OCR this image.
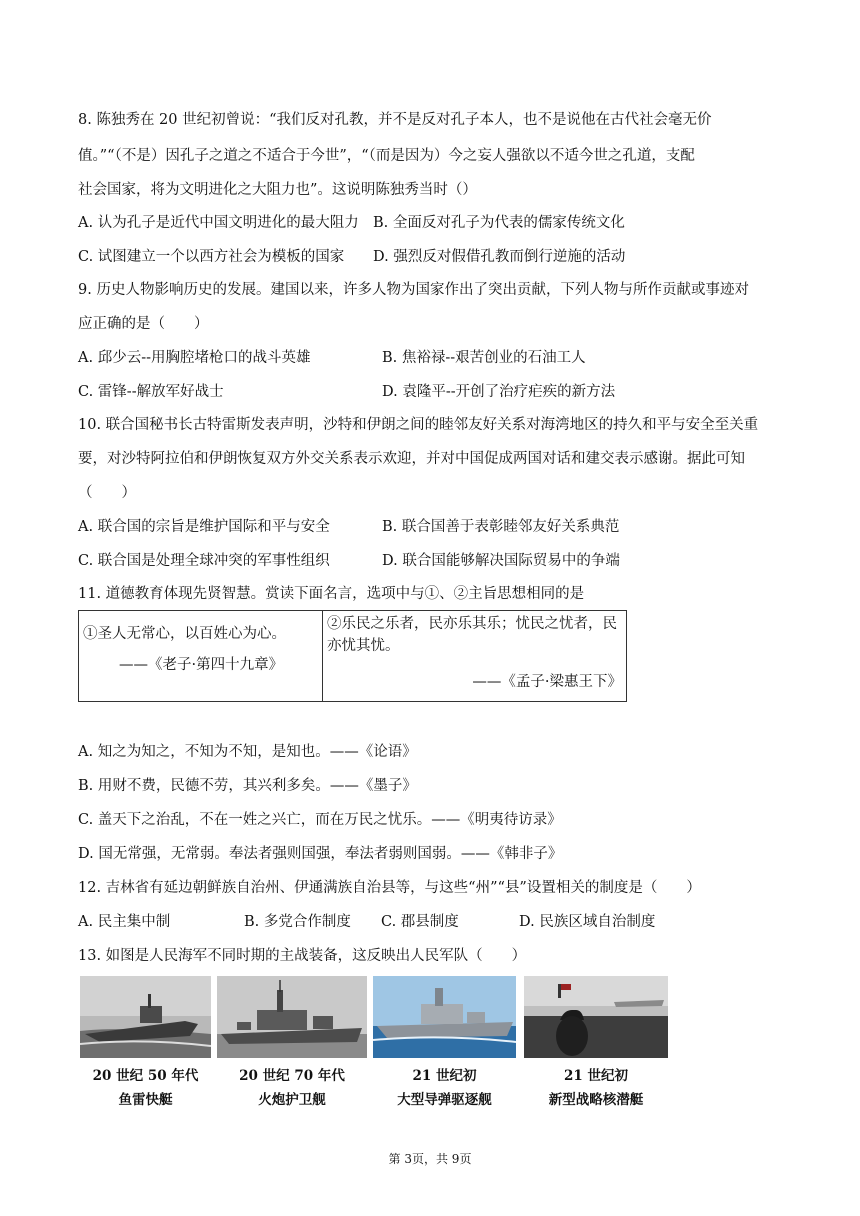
8. 陈独秀在 20 世纪初曾说：“我们反对孔教，并不是反对孔子本人，也不是说他在古代社会毫无价
值。”“（不是）因孔子之道之不适合于今世”，“（而是因为）今之妄人强欲以不适今世之孔道，支配
社会国家，将为文明进化之大阻力也”。这说明陈独秀当时（）
A. 认为孔子是近代中国文明进化的最大阻力 B. 全面反对孔子为代表的儒家传统文化
C. 试图建立一个以西方社会为模板的国家 D. 强烈反对假借孔教而倒行逆施的活动
9. 历史人物影响历史的发展。建国以来，许多人物为国家作出了突出贡献，下列人物与所作贡献或事迹对
应正确的是（　　）
A. 邱少云--用胸腔堵枪口的战斗英雄	B. 焦裕禄--艰苦创业的石油工人
C. 雷锋--解放军好战士	D. 袁隆平--开创了治疗疟疾的新方法
10. 联合国秘书长古特雷斯发表声明，沙特和伊朗之间的睦邻友好关系对海湾地区的持久和平与安全至关重
要，对沙特阿拉伯和伊朗恢复双方外交关系表示欢迎，并对中国促成两国对话和建交表示感谢。据此可知
（　　）
A. 联合国的宗旨是维护国际和平与安全	B. 联合国善于表彰睦邻友好关系典范
C. 联合国是处理全球冲突的军事性组织	D. 联合国能够解决国际贸易中的争端
11. 道德教育体现先贤智慧。赏读下面名言，选项中与①、②主旨思想相同的是
①圣人无常心，以百姓心为心。
——《老子·第四十九章》
②乐民之乐者，民亦乐其乐；忧民之忧者，民
亦忧其忧。
——《孟子·梁惠王下》
A. 知之为知之，不知为不知，是知也。——《论语》
B. 用财不费，民德不劳，其兴利多矣。——《墨子》
C. 盖天下之治乱，不在一姓之兴亡，而在万民之忧乐。——《明夷待访录》
D. 国无常强，无常弱。奉法者强则国强，奉法者弱则国弱。——《韩非子》
12. 吉林省有延边朝鲜族自治州、伊通满族自治县等，与这些“州”“县”设置相关的制度是（　　）
A. 民主集中制	B. 多党合作制度 C. 郡县制度	D. 民族区域自治制度
13. 如图是人民海军不同时期的主战装备，这反映出人民军队（　　）
20 世纪 50 年代
鱼雷快艇
20 世纪 70 年代
火炮护卫舰
21 世纪初
大型导弹驱逐舰
21 世纪初
新型战略核潜艇
第 3页，共 9页
